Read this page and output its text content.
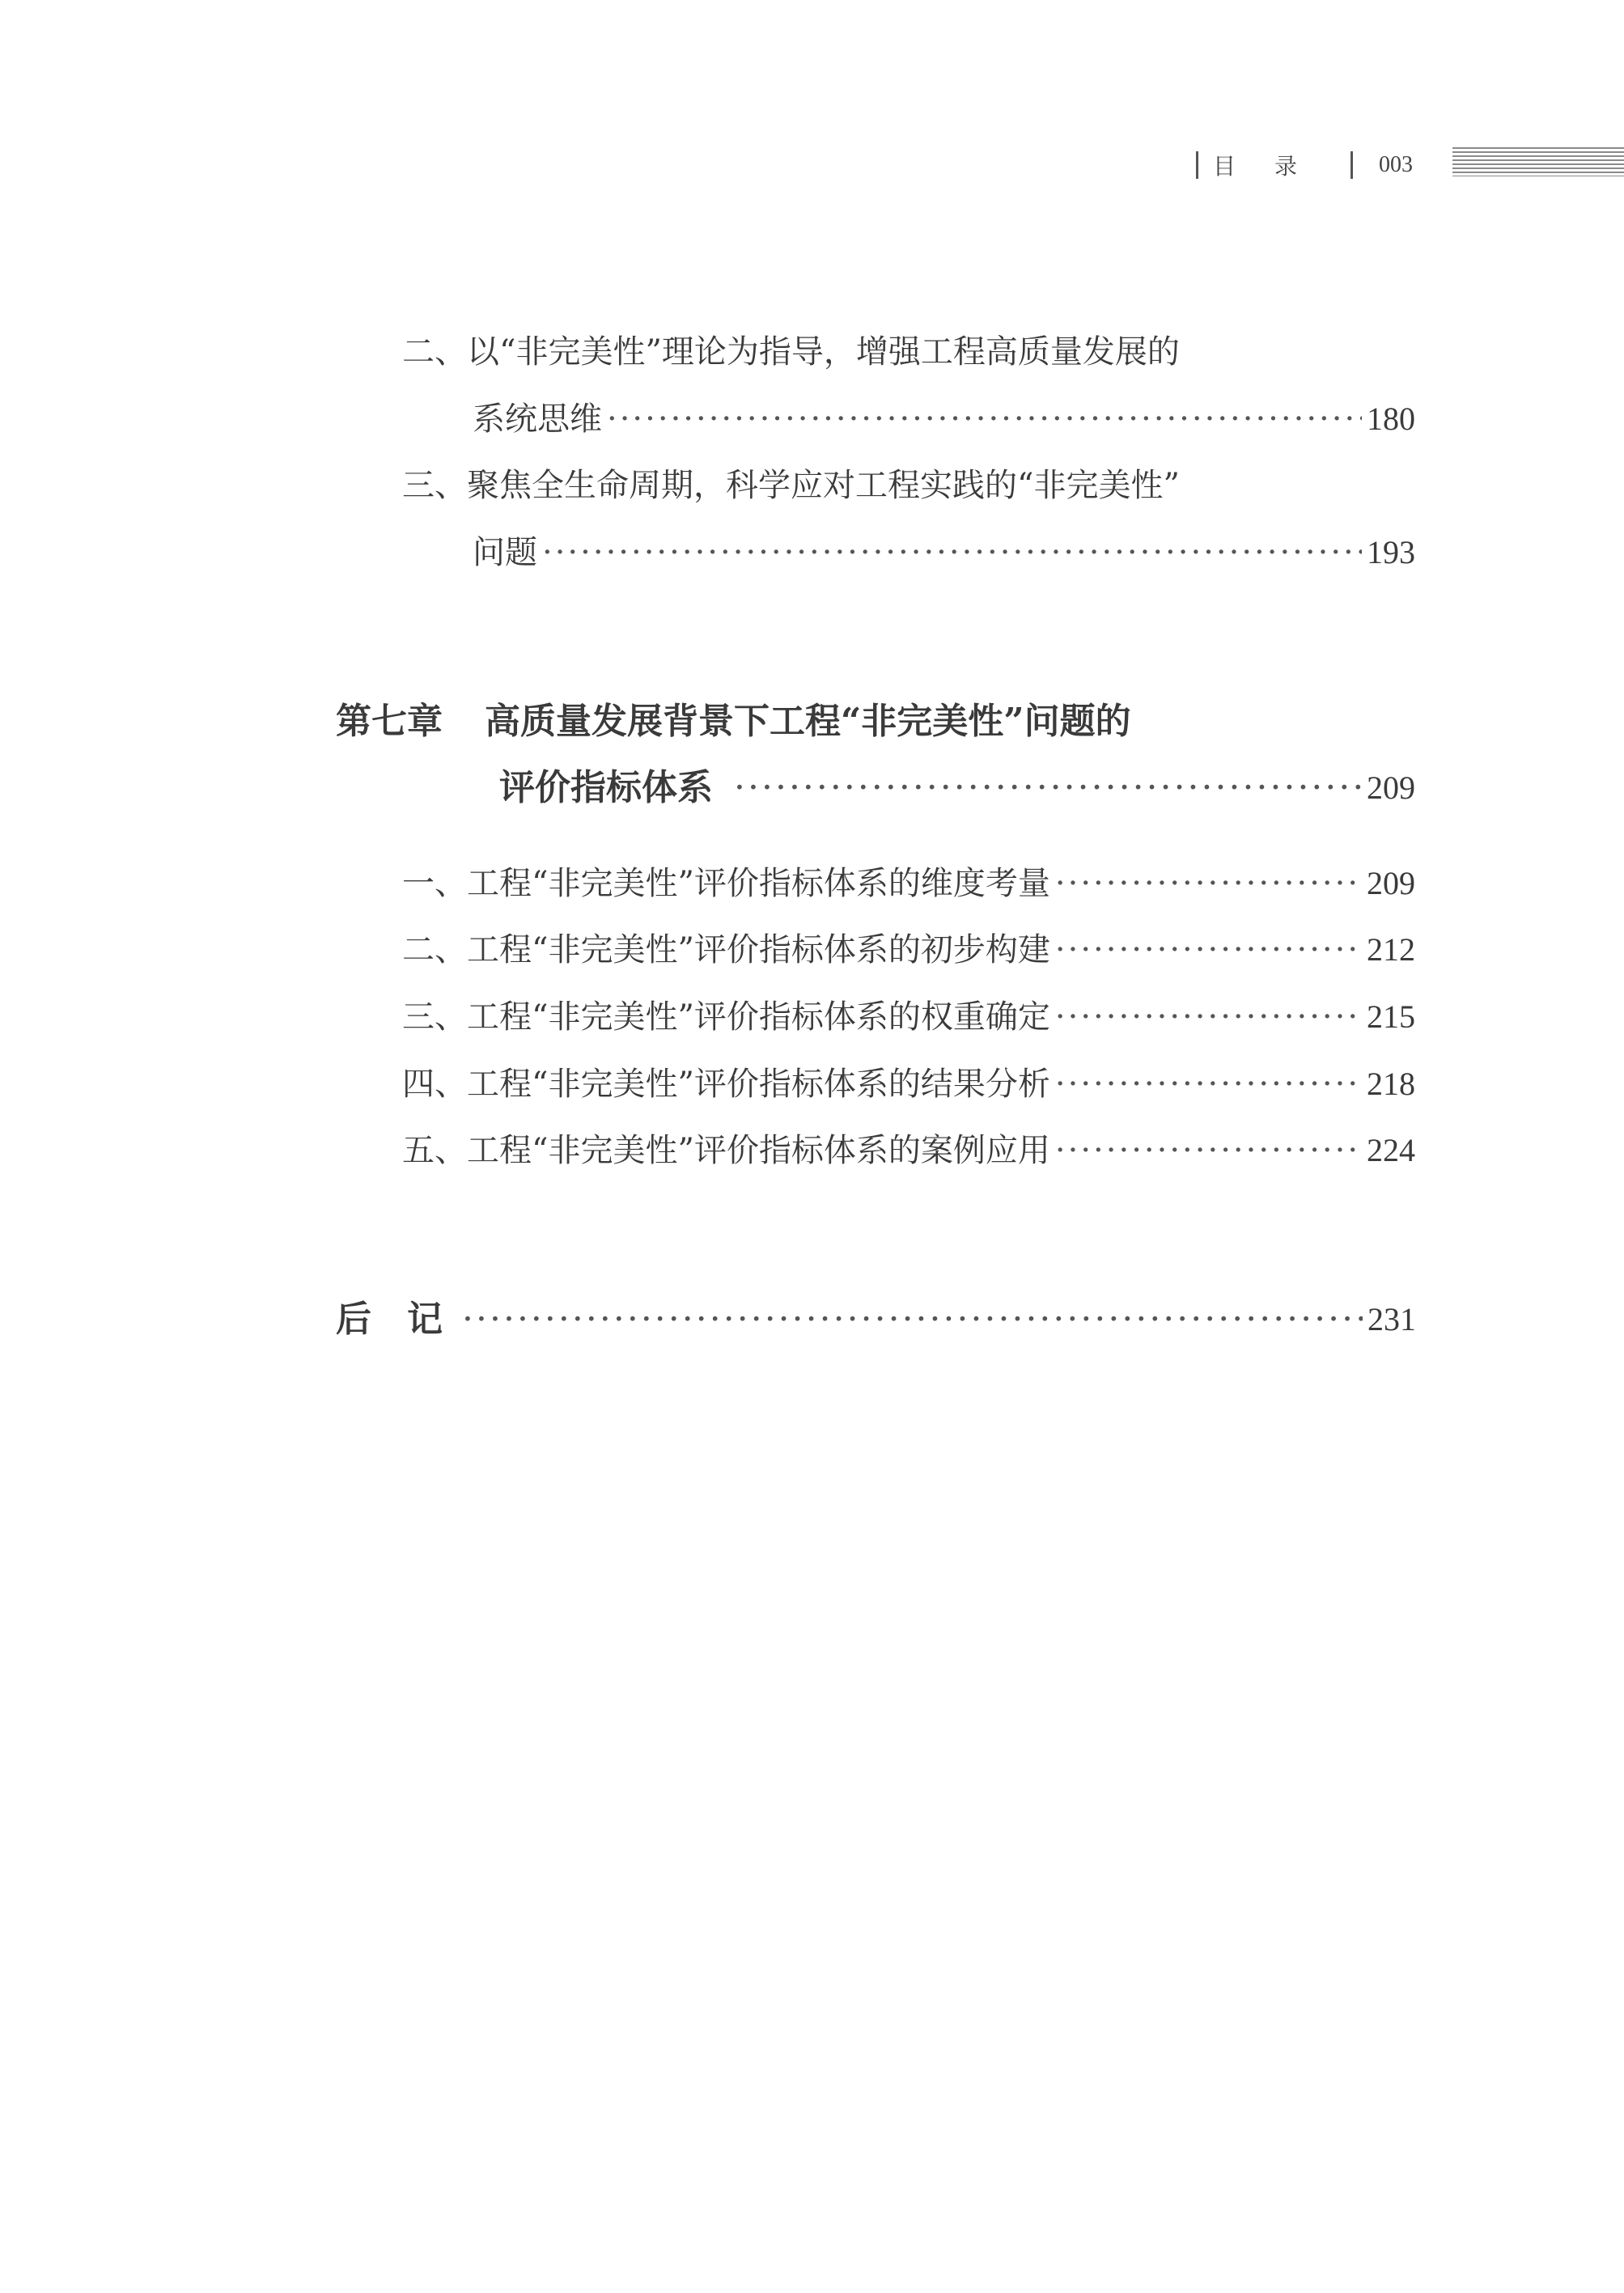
目录 003
二、以“非完美性”理论为指导，增强工程高质量发展的
系统思维 ·····	180
三、聚焦全生命周期，科学应对工程实践的“非完美性”
问题 ·····	193
第七章 高质量发展背景下工程“非完美性”问题的
评价指标体系 ·····	209
一、工程“非完美性”评价指标体系的维度考量 ·····	209
二、工程“非完美性”评价指标体系的初步构建 ·····	212
三、工程“非完美性”评价指标体系的权重确定 ·····	215
四、工程“非完美性”评价指标体系的结果分析 ·····	218
五、工程“非完美性”评价指标体系的案例应用 ·····	224
后　记 ·····	231
